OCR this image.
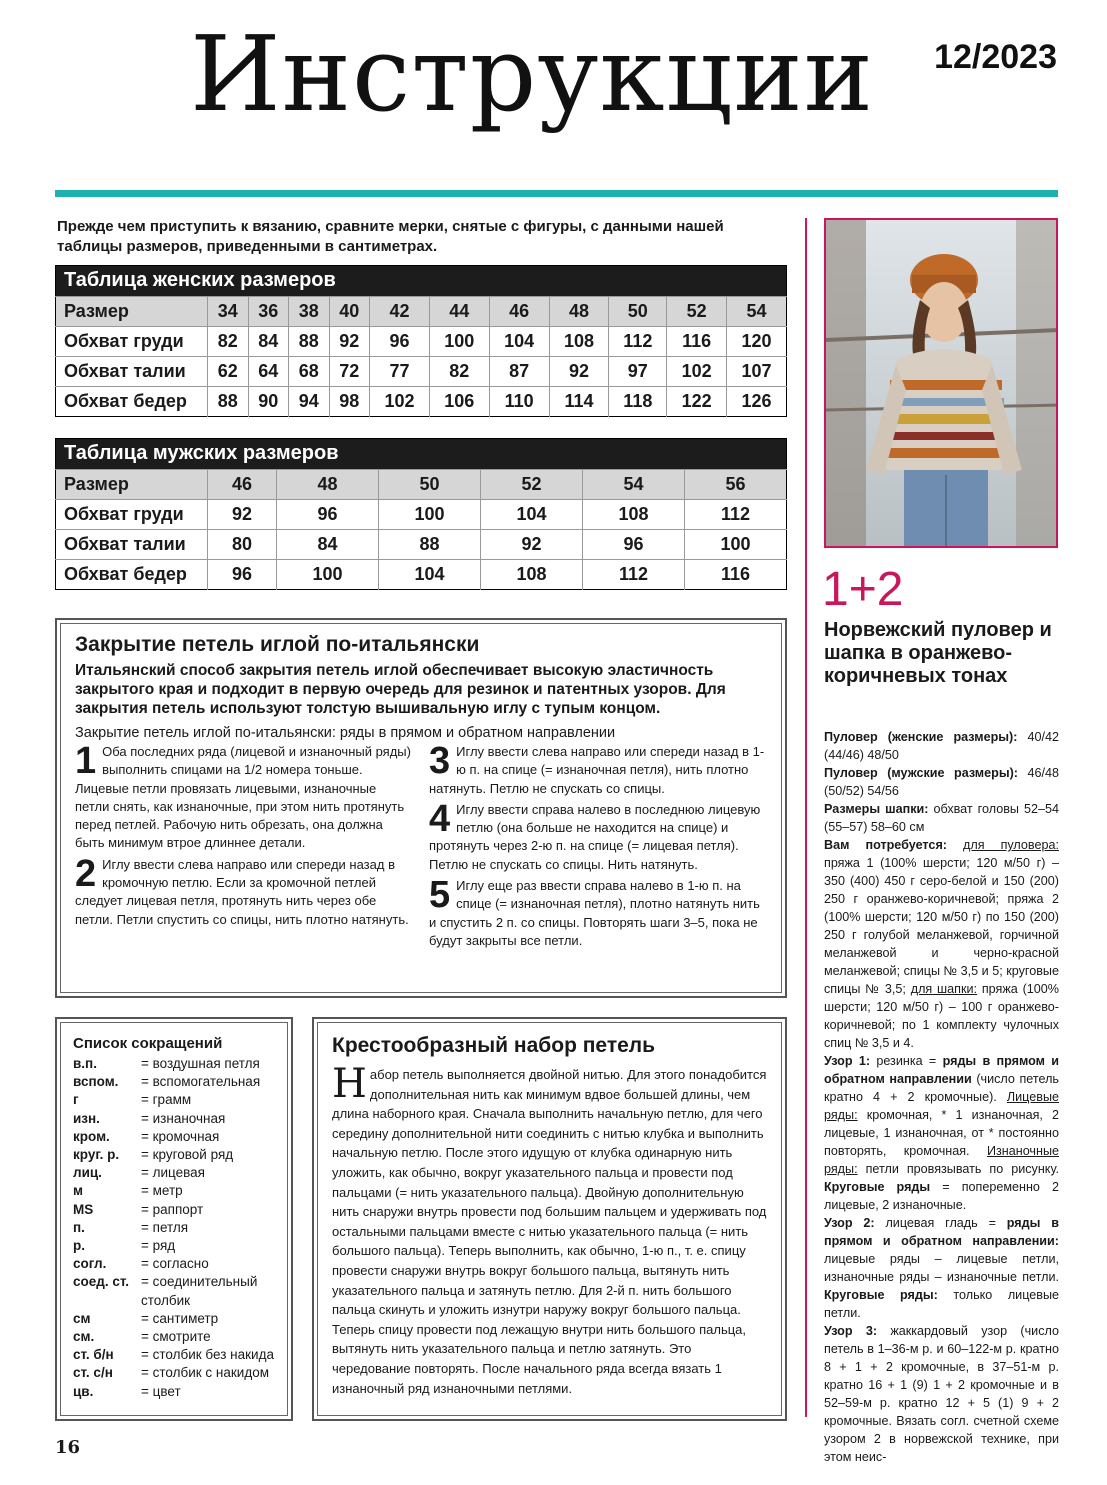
Инструкции 12/2023
Прежде чем приступить к вязанию, сравните мерки, снятые с фигуры, с данными нашей таблицы размеров, приведенными в сантиметрах.
Таблица женских размеров
Размер	34	36	38	40	42	44	46	48	50	52	54
Обхват груди	82	84	88	92	96	100	104	108	112	116	120
Обхват талии	62	64	68	72	77	82	87	92	97	102	107
Обхват бедер	88	90	94	98	102	106	110	114	118	122	126
Таблица мужских размеров
Размер	46	48	50	52	54	56
Обхват груди	92	96	100	104	108	112
Обхват талии	80	84	88	92	96	100
Обхват бедер	96	100	104	108	112	116
Закрытие петель иглой по-итальянски
Итальянский способ закрытия петель иглой обеспечивает высокую эластичность закрытого края и подходит в первую очередь для резинок и патентных узоров. Для закрытия петель используют толстую вышивальную иглу с тупым концом.
Закрытие петель иглой по-итальянски: ряды в прямом и обратном направлении
1 Оба последних ряда (лицевой и изнаночный ряды) выполнить спицами на 1/2 номера тоньше. Лицевые петли провязать лицевыми, изнаночные петли снять, как изнаночные, при этом нить протянуть перед петлей. Рабочую нить обрезать, она должна быть минимум втрое длиннее детали.
2 Иглу ввести слева направо или спереди назад в кромочную петлю. Если за кромочной петлей следует лицевая петля, протянуть нить через обе петли. Петли спустить со спицы, нить плотно натянуть.
3 Иглу ввести слева направо или спереди назад в 1-ю п. на спице (= изнаночная петля), нить плотно натянуть. Петлю не спускать со спицы.
4 Иглу ввести справа налево в последнюю лицевую петлю (она больше не находится на спице) и протянуть через 2-ю п. на спице (= лицевая петля). Петлю не спускать со спицы. Нить натянуть.
5 Иглу еще раз ввести справа налево в 1-ю п. на спице (= изнаночная петля), плотно натянуть нить и спустить 2 п. со спицы. Повторять шаги 3–5, пока не будут закрыты все петли.
Список сокращений
в.п.	= воздушная петля
вспом.	= вспомогательная
г	= грамм
изн.	= изнаночная
кром.	= кромочная
круг. р.	= круговой ряд
лиц.	= лицевая
м	= метр
MS	= раппорт
п.	= петля
р.	= ряд
согл.	= согласно
соед. ст. = соединительный столбик
см	= сантиметр
см.	= смотрите
ст. б/н	= столбик без накида
ст. с/н	= столбик с накидом
цв.	= цвет
Крестообразный набор петель
Набор петель выполняется двойной нитью. Для этого понадобится дополнительная нить как минимум вдвое большей длины, чем длина наборного края. Сначала выполнить начальную петлю, для чего середину дополнительной нити соединить с нитью клубка и выполнить начальную петлю. После этого идущую от клубка одинарную нить уложить, как обычно, вокруг указательного пальца и провести под пальцами (= нить указательного пальца). Двойную дополнительную нить снаружи внутрь провести под большим пальцем и удерживать под остальными пальцами вместе с нитью указательного пальца (= нить большого пальца). Теперь выполнить, как обычно, 1-ю п., т. е. спицу провести снаружи внутрь вокруг большого пальца, вытянуть нить указательного пальца и затянуть петлю. Для 2-й п. нить большого пальца скинуть и уложить изнутри наружу вокруг большого пальца. Теперь спицу провести под лежащую внутри нить большого пальца, вытянуть нить указательного пальца и петлю затянуть. Это чередование повторять. После начального ряда всегда вязать 1 изнаночный ряд изнаночными петлями.
1+2
Норвежский пуловер и шапка в оранжево-коричневых тонах
Пуловер (женские размеры): 40/42 (44/46) 48/50
Пуловер (мужские размеры): 46/48 (50/52) 54/56
Размеры шапки: обхват головы 52–54 (55–57) 58–60 см
Вам потребуется: для пуловера: пряжа 1 (100% шерсти; 120 м/50 г) – 350 (400) 450 г серо-белой и 150 (200) 250 г оранжево-коричневой; пряжа 2 (100% шерсти; 120 м/50 г) по 150 (200) 250 г голубой меланжевой, горчичной меланжевой и черно-красной меланжевой; спицы № 3,5 и 5; круговые спицы № 3,5; для шапки: пряжа (100% шерсти; 120 м/50 г) – 100 г оранжево-коричневой; по 1 комплекту чулочных спиц № 3,5 и 4.
Узор 1: резинка = ряды в прямом и обратном направлении (число петель кратно 4 + 2 кромочные). Лицевые ряды: кромочная, * 1 изнаночная, 2 лицевые, 1 изнаночная, от * постоянно повторять, кромочная. Изнаночные ряды: петли провязывать по рисунку. Круговые ряды = попеременно 2 лицевые, 2 изнаночные.
Узор 2: лицевая гладь = ряды в прямом и обратном направлении: лицевые ряды – лицевые петли, изнаночные ряды – изнаночные петли. Круговые ряды: только лицевые петли.
Узор 3: жаккардовый узор (число петель в 1–36-м р. и 60–122-м р. кратно 8 + 1 + 2 кромочные, в 37–51-м р. кратно 16 + 1 (9) 1 + 2 кромочные и в 52–59-м р. кратно 12 + 5 (1) 9 + 2 кромочные. Вязать согл. счетной схеме узором 2 в норвежской технике, при этом неис-
16
